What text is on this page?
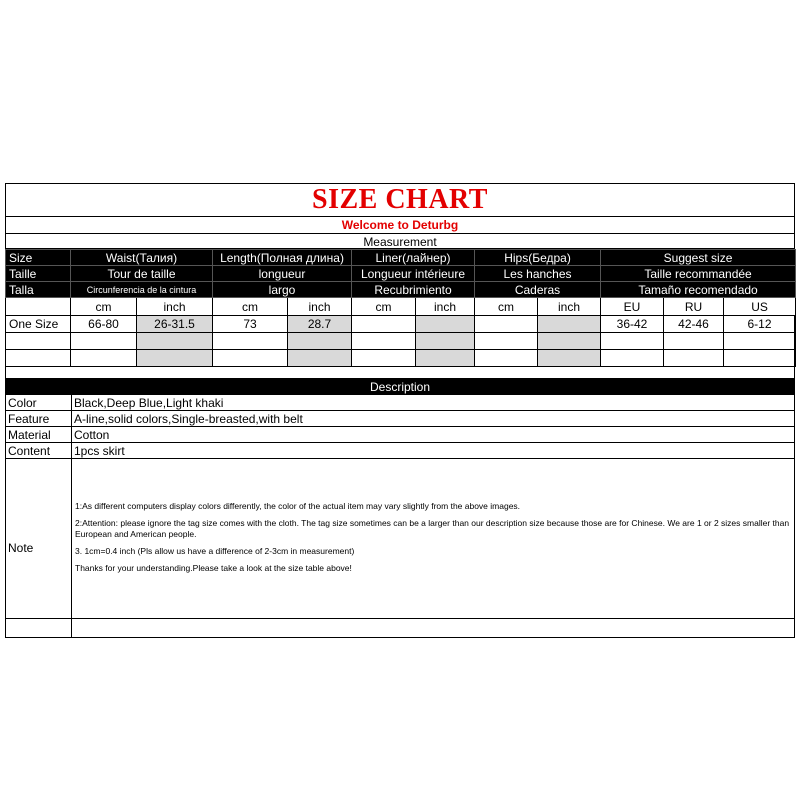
SIZE CHART
Welcome to Deturbg
Measurement
Size	Waist(Талия)		Length(Полная длина)		Liner(лайнер)		Hips(Бедра)		Suggest size		
Taille	Tour de taille		longueur		Longueur intérieure		Les hanches		Taille recommandée		
Talla	Circunferencia de la cintura		largo		Recubrimiento		Caderas		Tamaño recomendado		
	cm	inch	cm	inch	cm	inch	cm	inch	EU	RU	US
One Size	66-80	26-31.5	73	28.7					36-42	42-46	6-12

Description
Color	Black,Deep Blue,Light khaki
Feature	A-line,solid colors,Single-breasted,with belt
Material	Cotton
Content	1pcs skirt
Note	1:As different computers display colors differently, the color of the actual item may vary slightly from the above images.

2:Attention: please ignore the tag size comes with the cloth. The tag size sometimes can be a larger than our description size because those are for Chinese. We are 1 or 2 sizes smaller than European and American people.

3. 1cm=0.4 inch (Pls allow us have a difference of 2-3cm in measurement)

Thanks for your understanding.Please take a look at the size table above!
